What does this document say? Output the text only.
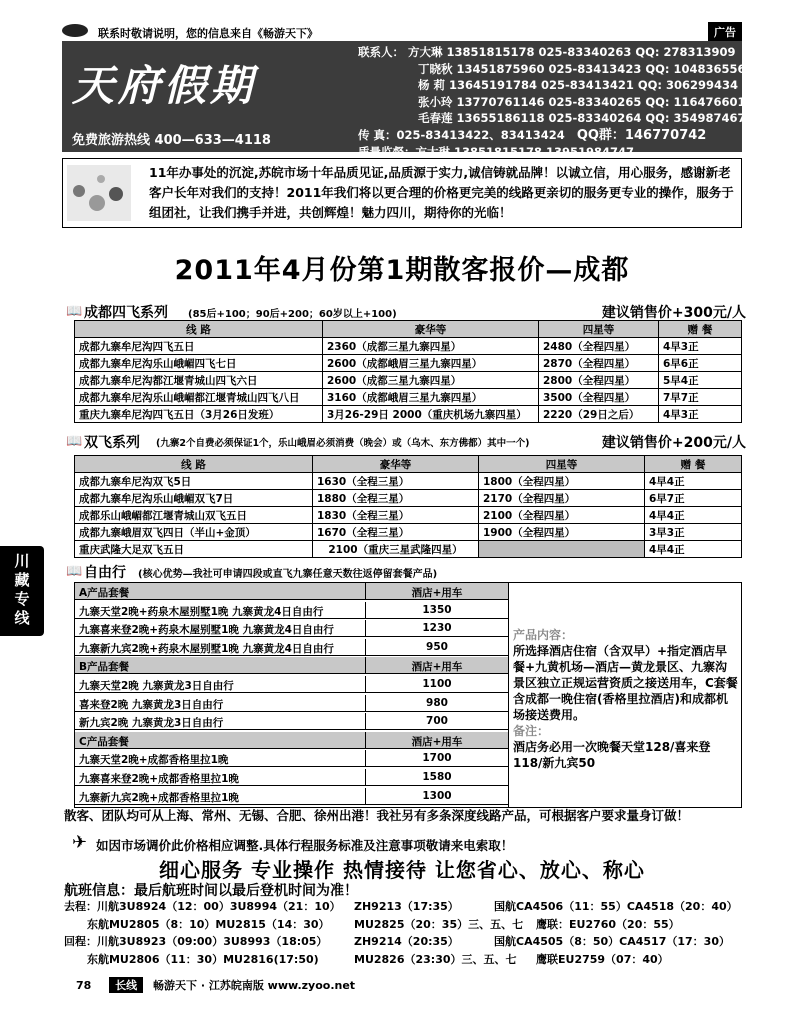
联系时敬请说明，您的信息来自《畅游天下》	广告
天府假期
免费旅游热线 400—633—4118
联系人： 方大琳 13851815178 025-83340263 QQ: 278313909
丁晓秋 13451875960 025-83413423 QQ: 1048365565
杨 莉 13645191784 025-83413421 QQ: 306299434
张小玲 13770761146 025-83340265 QQ: 1164766016
毛春莲 13655186118 025-83340264 QQ: 354987467
传 真：025-83413422、83413424 QQ群：146770742
质量监督：方大琳 13851815178 13951984747
11年办事处的沉淀,苏皖市场十年品质见证,品质源于实力,诚信铸就品牌！以诚立信，用心服务，感谢新老客户长年对我们的支持！2011年我们将以更合理的价格更完美的线路更亲切的服务更专业的操作，服务于组团社，让我们携手并进，共创辉煌！魅力四川，期待你的光临！
2011年4月份第1期散客报价—成都
📖 成都四飞系列 (85后+100；90后+200；60岁以上+100)	建议销售价+300元/人
线 路	豪华等	四星等	赠 餐
成都九寨牟尼沟四飞五日	2360（成都三星九寨四星）	2480（全程四星）	4早3正
成都九寨牟尼沟乐山峨嵋四飞七日	2600（成都峨眉三星九寨四星）	2870（全程四星）	6早6正
成都九寨牟尼沟都江堰青城山四飞六日	2600（成都三星九寨四星）	2800（全程四星）	5早4正
成都九寨牟尼沟乐山峨嵋都江堰青城山四飞八日	3160（成都峨眉三星九寨四星）	3500（全程四星）	7早7正
重庆九寨牟尼沟四飞五日（3月26日发班）	3月26-29日 2000（重庆机场九寨四星）	2220（29日之后）	4早3正
📖 双飞系列 (九寨2个自费必须保证1个，乐山峨眉必须消费（晚会）或（乌木、东方佛都）其中一个)	建议销售价+200元/人
线 路	豪华等	四星等	赠 餐
成都九寨牟尼沟双飞5日	1630（全程三星）	1800（全程四星）	4早4正
成都九寨牟尼沟乐山峨嵋双飞7日	1880（全程三星）	2170（全程四星）	6早7正
成都乐山峨嵋都江堰青城山双飞五日	1830（全程三星）	2100（全程四星）	4早4正
成都九寨峨眉双飞四日（半山+金顶）	1670（全程三星）	1900（全程四星）	3早3正
重庆武隆大足双飞五日	2100（重庆三星武隆四星）		4早4正
📖 自由行 (核心优势—我社可申请四段或直飞九寨任意天数往返停留套餐产品)
产品内容：
所选择酒店住宿（含双早）+指定酒店早餐+九黄机场—酒店—黄龙景区、九寨沟景区独立正规运营资质之接送用车，C套餐含成都一晚住宿(香格里拉酒店)和成都机场接送费用。
备注：
酒店务必用一次晚餐天堂128/喜来登118/新九宾50
A产品套餐	酒店+用车
九寨天堂2晚+药泉木屋别墅1晚 九寨黄龙4日自由行	1350
九寨喜来登2晚+药泉木屋别墅1晚 九寨黄龙4日自由行	1230
九寨新九宾2晚+药泉木屋别墅1晚 九寨黄龙4日自由行	950
B产品套餐	酒店+用车
九寨天堂2晚 九寨黄龙3日自由行	1100
喜来登2晚 九寨黄龙3日自由行	980
新九宾2晚 九寨黄龙3日自由行	700
C产品套餐	酒店+用车
九寨天堂2晚+成都香格里拉1晚	1700
九寨喜来登2晚+成都香格里拉1晚	1580
九寨新九宾2晚+成都香格里拉1晚	1300
散客、团队均可从上海、常州、无锡、合肥、徐州出港！我社另有多条深度线路产品，可根据客户要求量身订做！
✈ 如因市场调价此价格相应调整.具体行程服务标准及注意事项敬请来电索取！
细心服务 专业操作 热情接待 让您省心、放心、称心
航班信息：最后航班时间以最后登机时间为准！
去程：川航3U8924（12：00）3U8994（21：10） ZH9213（17:35）	国航CA4506（11：55）CA4518（20：40）
东航MU2805（8：10）MU2815（14：30） MU2825（20：35）三、五、七 鹰联：EU2760（20：55）
回程：川航3U8923（09:00）3U8993（18:05） ZH9214（20:35）	国航CA4505（8：50）CA4517（17：30）
东航MU2806（11：30）MU2816(17:50)	MU2826（23:30）三、五、七 鹰联EU2759（07：40）
川藏专线
78 长线 畅游天下 · 江苏皖南版 www.zyoo.net
